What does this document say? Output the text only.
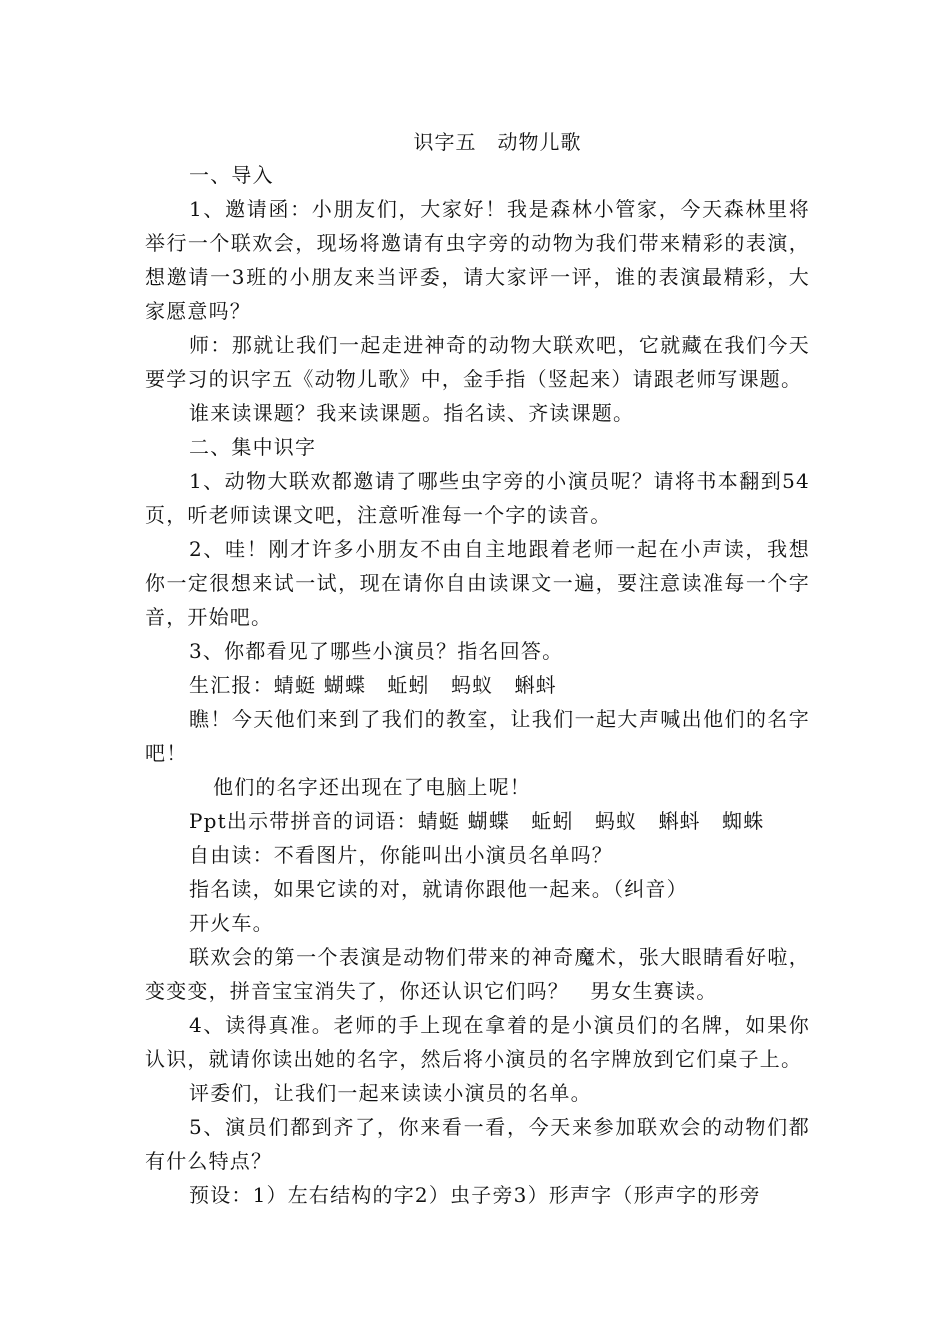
识字五　动物儿歌

一、导入

1、邀请函：小朋友们，大家好！我是森林小管家，今天森林里将举行一个联欢会，现场将邀请有虫字旁的动物为我们带来精彩的表演，想邀请一3班的小朋友来当评委，请大家评一评，谁的表演最精彩，大家愿意吗？

师：那就让我们一起走进神奇的动物大联欢吧，它就藏在我们今天要学习的识字五《动物儿歌》中，金手指（竖起来）请跟老师写课题。

谁来读课题？我来读课题。指名读、齐读课题。

二、集中识字

1、动物大联欢都邀请了哪些虫字旁的小演员呢？请将书本翻到54页，听老师读课文吧，注意听准每一个字的读音。

2、哇！刚才许多小朋友不由自主地跟着老师一起在小声读，我想你一定很想来试一试，现在请你自由读课文一遍，要注意读准每一个字音，开始吧。

3、你都看见了哪些小演员？指名回答。

生汇报：蜻蜓 蝴蝶　蚯蚓　蚂蚁　蝌蚪

瞧！今天他们来到了我们的教室，让我们一起大声喊出他们的名字吧！

他们的名字还出现在了电脑上呢！

Ppt出示带拼音的词语：蜻蜓 蝴蝶　蚯蚓　蚂蚁　蝌蚪　蜘蛛

自由读：不看图片，你能叫出小演员名单吗？

指名读，如果它读的对，就请你跟他一起来。（纠音）

开火车。

联欢会的第一个表演是动物们带来的神奇魔术，张大眼睛看好啦，变变变，拼音宝宝消失了，你还认识它们吗？　男女生赛读。

4、读得真准。老师的手上现在拿着的是小演员们的名牌，如果你认识，就请你读出她的名字，然后将小演员的名字牌放到它们桌子上。

评委们，让我们一起来读读小演员的名单。

5、演员们都到齐了，你来看一看，今天来参加联欢会的动物们都有什么特点？

预设：1）左右结构的字2）虫子旁3）形声字（形声字的形旁
